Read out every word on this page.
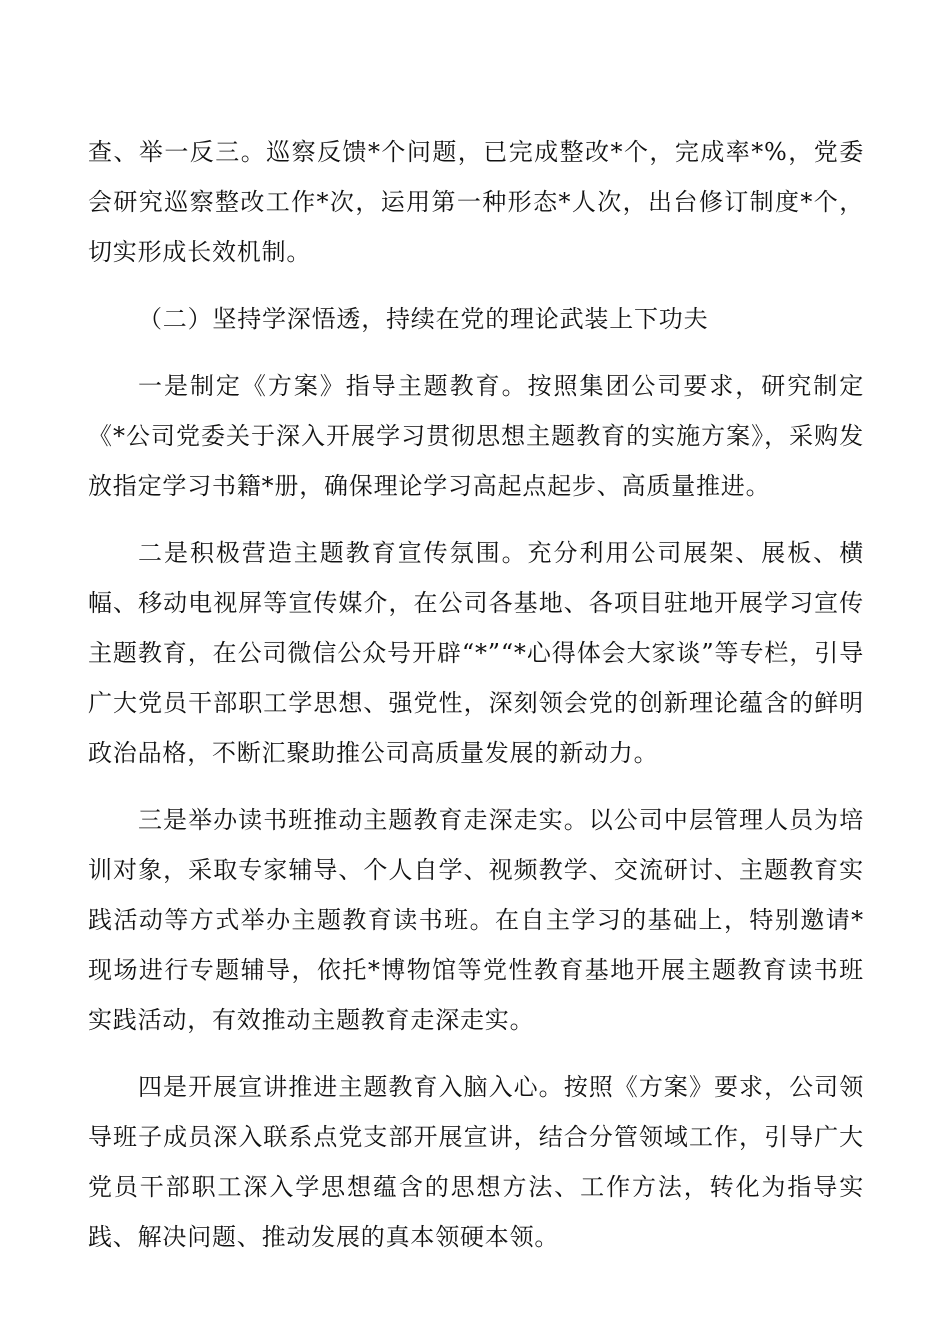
查、举一反三。巡察反馈*个问题，已完成整改*个，完成率*%，党委会研究巡察整改工作*次，运用第一种形态*人次，出台修订制度*个，切实形成长效机制。

（二）坚持学深悟透，持续在党的理论武装上下功夫

一是制定《方案》指导主题教育。按照集团公司要求，研究制定《*公司党委关于深入开展学习贯彻思想主题教育的实施方案》，采购发放指定学习书籍*册，确保理论学习高起点起步、高质量推进。

二是积极营造主题教育宣传氛围。充分利用公司展架、展板、横幅、移动电视屏等宣传媒介，在公司各基地、各项目驻地开展学习宣传主题教育，在公司微信公众号开辟“*”“*心得体会大家谈”等专栏，引导广大党员干部职工学思想、强党性，深刻领会党的创新理论蕴含的鲜明政治品格，不断汇聚助推公司高质量发展的新动力。

三是举办读书班推动主题教育走深走实。以公司中层管理人员为培训对象，采取专家辅导、个人自学、视频教学、交流研讨、主题教育实践活动等方式举办主题教育读书班。在自主学习的基础上，特别邀请*现场进行专题辅导，依托*博物馆等党性教育基地开展主题教育读书班实践活动，有效推动主题教育走深走实。

四是开展宣讲推进主题教育入脑入心。按照《方案》要求，公司领导班子成员深入联系点党支部开展宣讲，结合分管领域工作，引导广大党员干部职工深入学思想蕴含的思想方法、工作方法，转化为指导实践、解决问题、推动发展的真本领硬本领。
